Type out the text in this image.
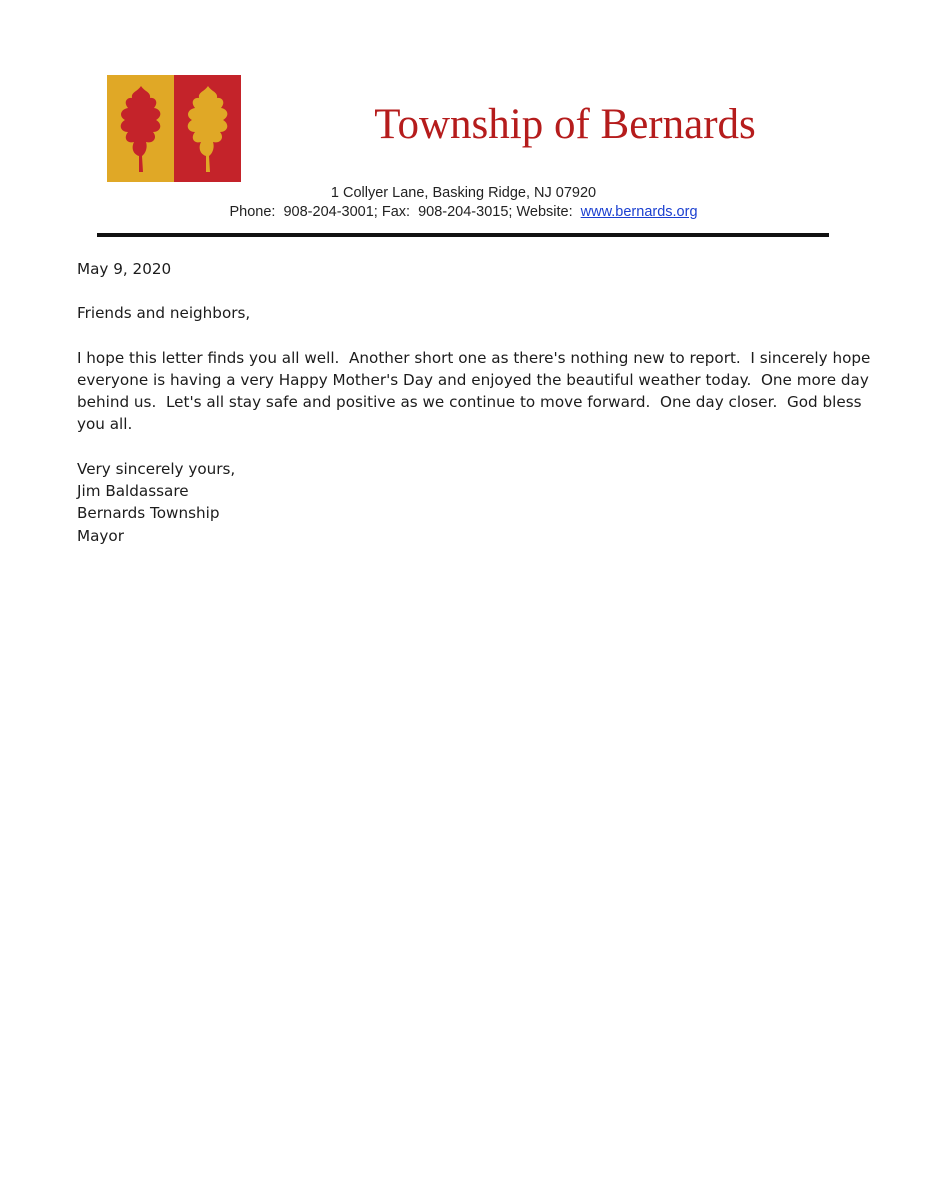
Township of Bernards
1 Collyer Lane, Basking Ridge, NJ 07920
Phone:  908-204-3001; Fax:  908-204-3015; Website:  www.bernards.org

May 9, 2020

Friends and neighbors,

I hope this letter finds you all well.  Another short one as there's nothing new to report.  I sincerely hope

everyone is having a very Happy Mother's Day and enjoyed the beautiful weather today.  One more day

behind us.  Let's all stay safe and positive as we continue to move forward.  One day closer.  God bless

you all.

Very sincerely yours,

Jim Baldassare

Bernards Township

Mayor
